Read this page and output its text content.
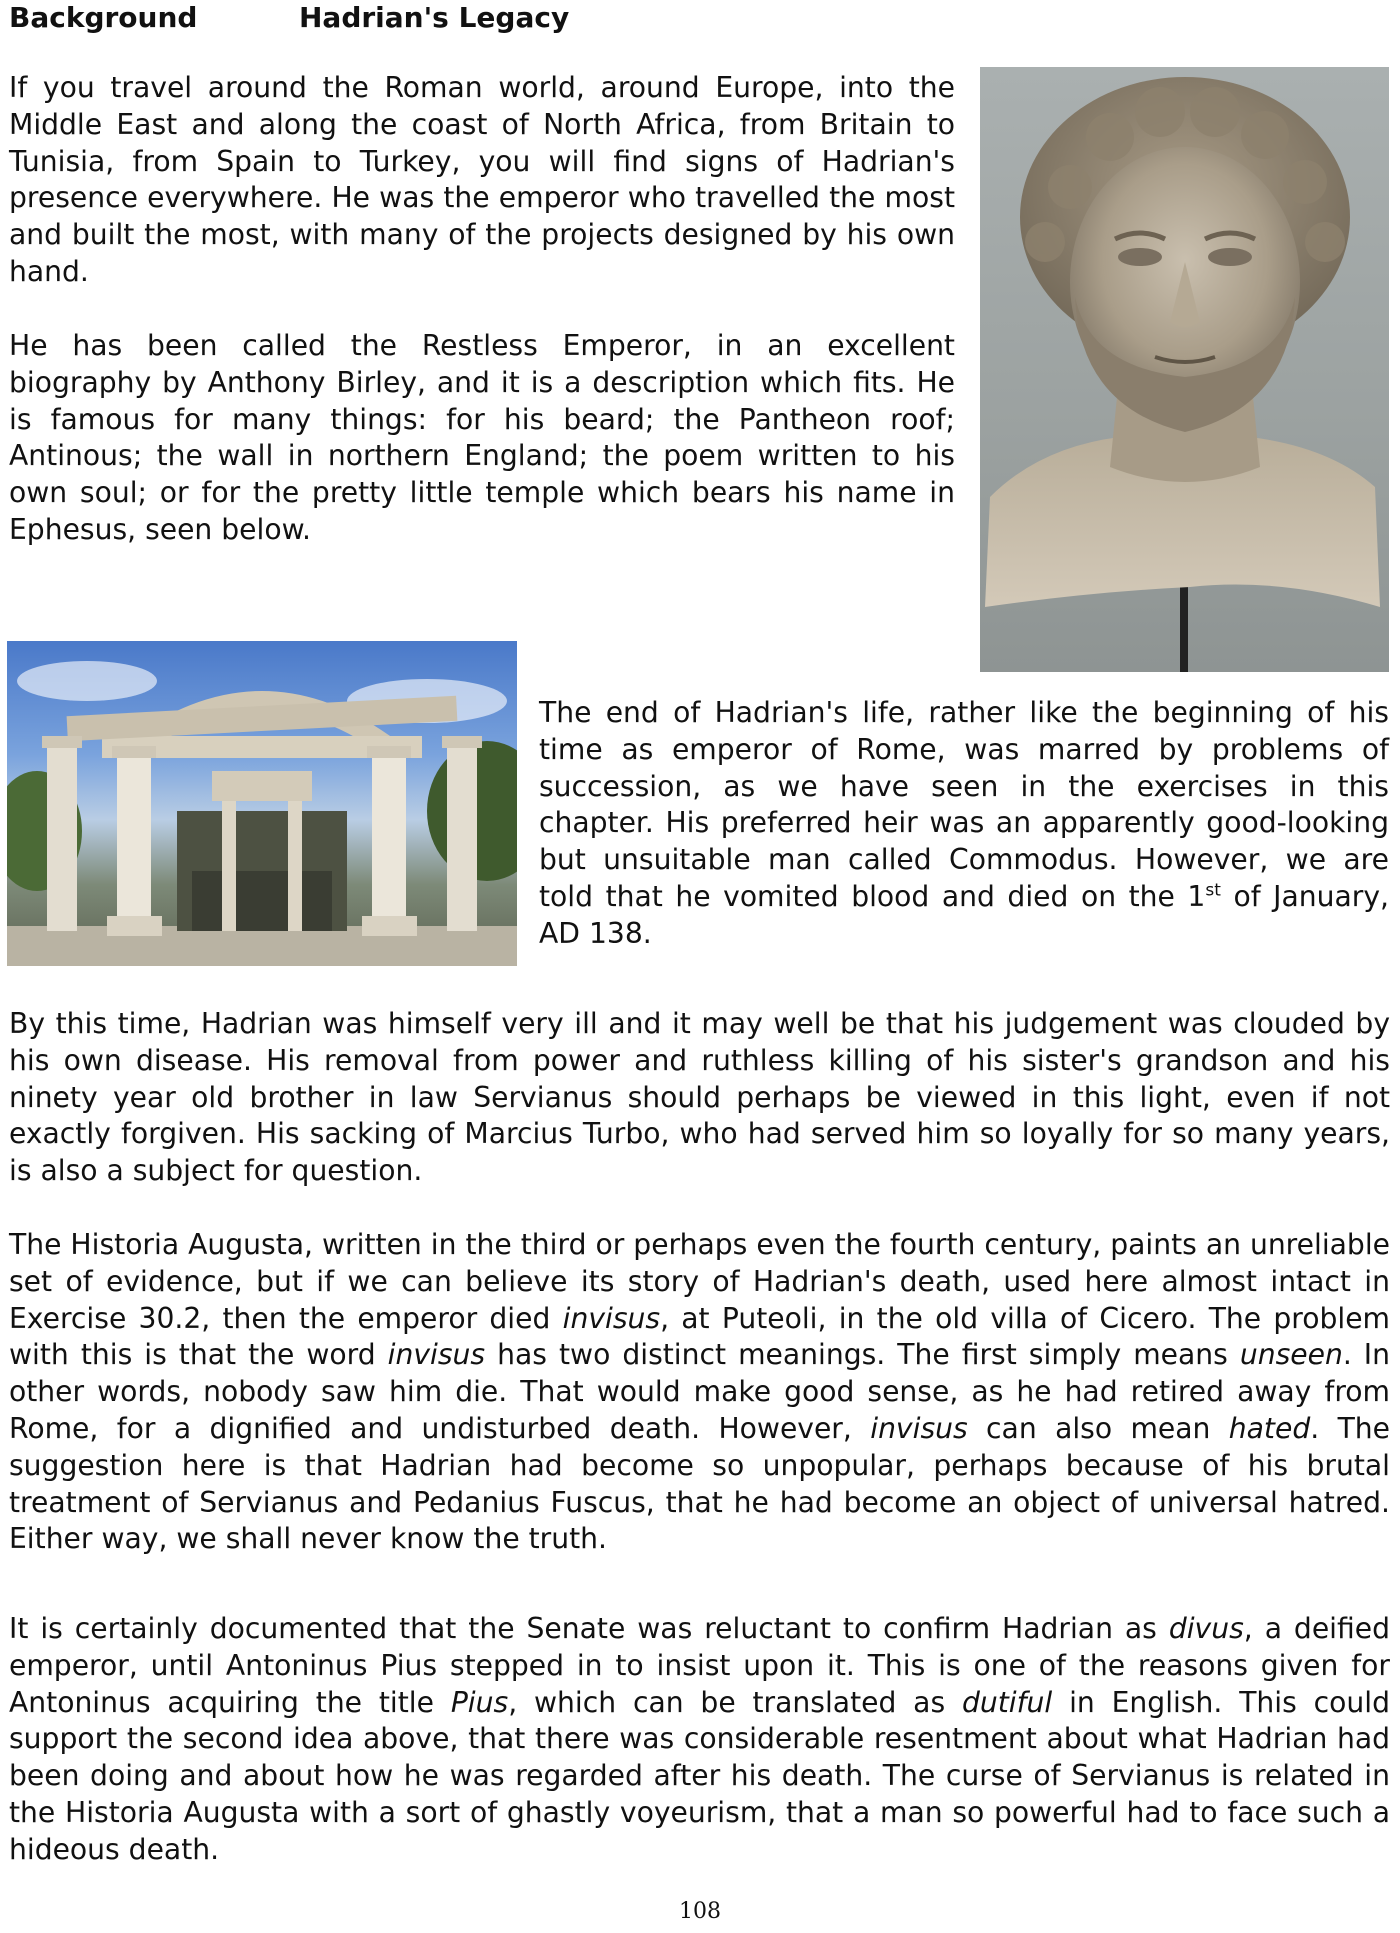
Background	Hadrian's Legacy

If you travel around the Roman world, around Europe, into the Middle East and along the coast of North Africa, from Britain to Tunisia, from Spain to Turkey, you will find signs of Hadrian's presence everywhere. He was the emperor who travelled the most and built the most, with many of the projects designed by his own hand.

He has been called the Restless Emperor, in an excellent biography by Anthony Birley, and it is a description which fits. He is famous for many things: for his beard; the Pantheon roof; Antinous; the wall in northern England; the poem written to his own soul; or for the pretty little temple which bears his name in Ephesus, seen below.

The end of Hadrian's life, rather like the beginning of his time as emperor of Rome, was marred by problems of succession, as we have seen in the exercises in this chapter. His preferred heir was an apparently good-looking but unsuitable man called Commodus. However, we are told that he vomited blood and died on the 1st of January, AD 138.

By this time, Hadrian was himself very ill and it may well be that his judgement was clouded by his own disease. His removal from power and ruthless killing of his sister's grandson and his ninety year old brother in law Servianus should perhaps be viewed in this light, even if not exactly forgiven. His sacking of Marcius Turbo, who had served him so loyally for so many years, is also a subject for question.

The Historia Augusta, written in the third or perhaps even the fourth century, paints an unreliable set of evidence, but if we can believe its story of Hadrian's death, used here almost intact in Exercise 30.2, then the emperor died invisus, at Puteoli, in the old villa of Cicero. The problem with this is that the word invisus has two distinct meanings. The first simply means unseen. In other words, nobody saw him die. That would make good sense, as he had retired away from Rome, for a dignified and undisturbed death. However, invisus can also mean hated. The suggestion here is that Hadrian had become so unpopular, perhaps because of his brutal treatment of Servianus and Pedanius Fuscus, that he had become an object of universal hatred. Either way, we shall never know the truth.

It is certainly documented that the Senate was reluctant to confirm Hadrian as divus, a deified emperor, until Antoninus Pius stepped in to insist upon it. This is one of the reasons given for Antoninus acquiring the title Pius, which can be translated as dutiful in English. This could support the second idea above, that there was considerable resentment about what Hadrian had been doing and about how he was regarded after his death. The curse of Servianus is related in the Historia Augusta with a sort of ghastly voyeurism, that a man so powerful had to face such a hideous death.

108
